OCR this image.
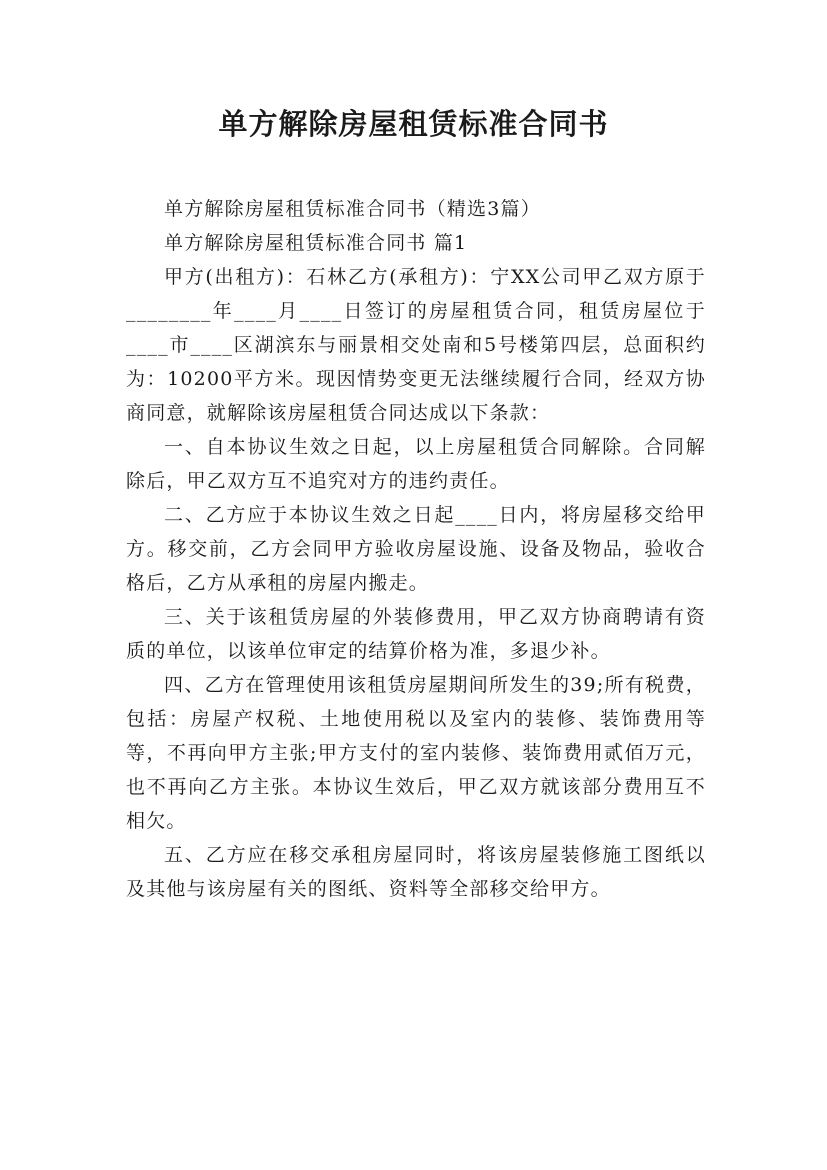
单方解除房屋租赁标准合同书

单方解除房屋租赁标准合同书（精选3篇）

单方解除房屋租赁标准合同书 篇1

甲方(出租方)：石林乙方(承租方)：宁XX公司甲乙双方原于________年____月____日签订的房屋租赁合同，租赁房屋位于____市____区湖滨东与丽景相交处南和5号楼第四层，总面积约为：10200平方米。现因情势变更无法继续履行合同，经双方协商同意，就解除该房屋租赁合同达成以下条款：

一、自本协议生效之日起，以上房屋租赁合同解除。合同解除后，甲乙双方互不追究对方的违约责任。

二、乙方应于本协议生效之日起____日内，将房屋移交给甲方。移交前，乙方会同甲方验收房屋设施、设备及物品，验收合格后，乙方从承租的房屋内搬走。

三、关于该租赁房屋的外装修费用，甲乙双方协商聘请有资质的单位，以该单位审定的结算价格为准，多退少补。

四、乙方在管理使用该租赁房屋期间所发生的39;所有税费，包括：房屋产权税、土地使用税以及室内的装修、装饰费用等等，不再向甲方主张;甲方支付的室内装修、装饰费用贰佰万元，也不再向乙方主张。本协议生效后，甲乙双方就该部分费用互不相欠。

五、乙方应在移交承租房屋同时，将该房屋装修施工图纸以及其他与该房屋有关的图纸、资料等全部移交给甲方。
